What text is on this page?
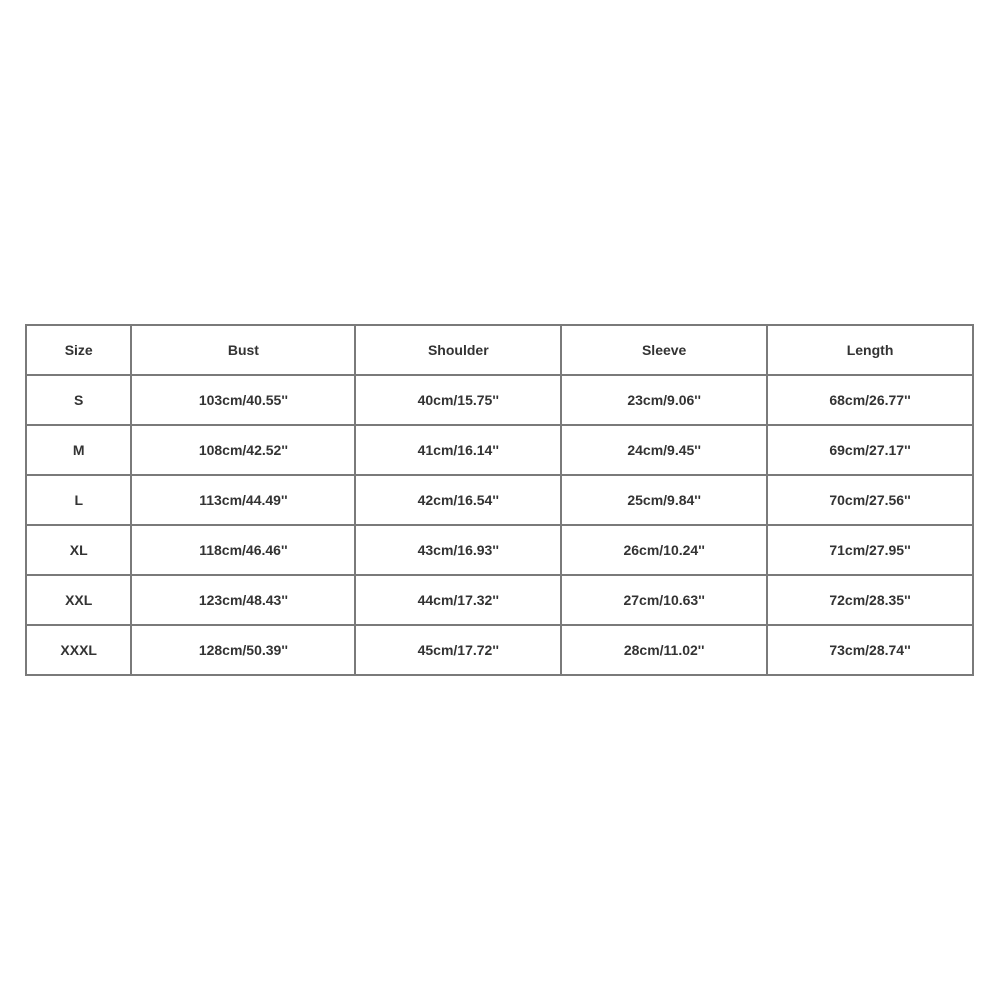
Size	Bust	Shoulder	Sleeve	Length
S	103cm/40.55''	40cm/15.75''	23cm/9.06''	68cm/26.77''
M	108cm/42.52''	41cm/16.14''	24cm/9.45''	69cm/27.17''
L	113cm/44.49''	42cm/16.54''	25cm/9.84''	70cm/27.56''
XL	118cm/46.46''	43cm/16.93''	26cm/10.24''	71cm/27.95''
XXL	123cm/48.43''	44cm/17.32''	27cm/10.63''	72cm/28.35''
XXXL	128cm/50.39''	45cm/17.72''	28cm/11.02''	73cm/28.74''
